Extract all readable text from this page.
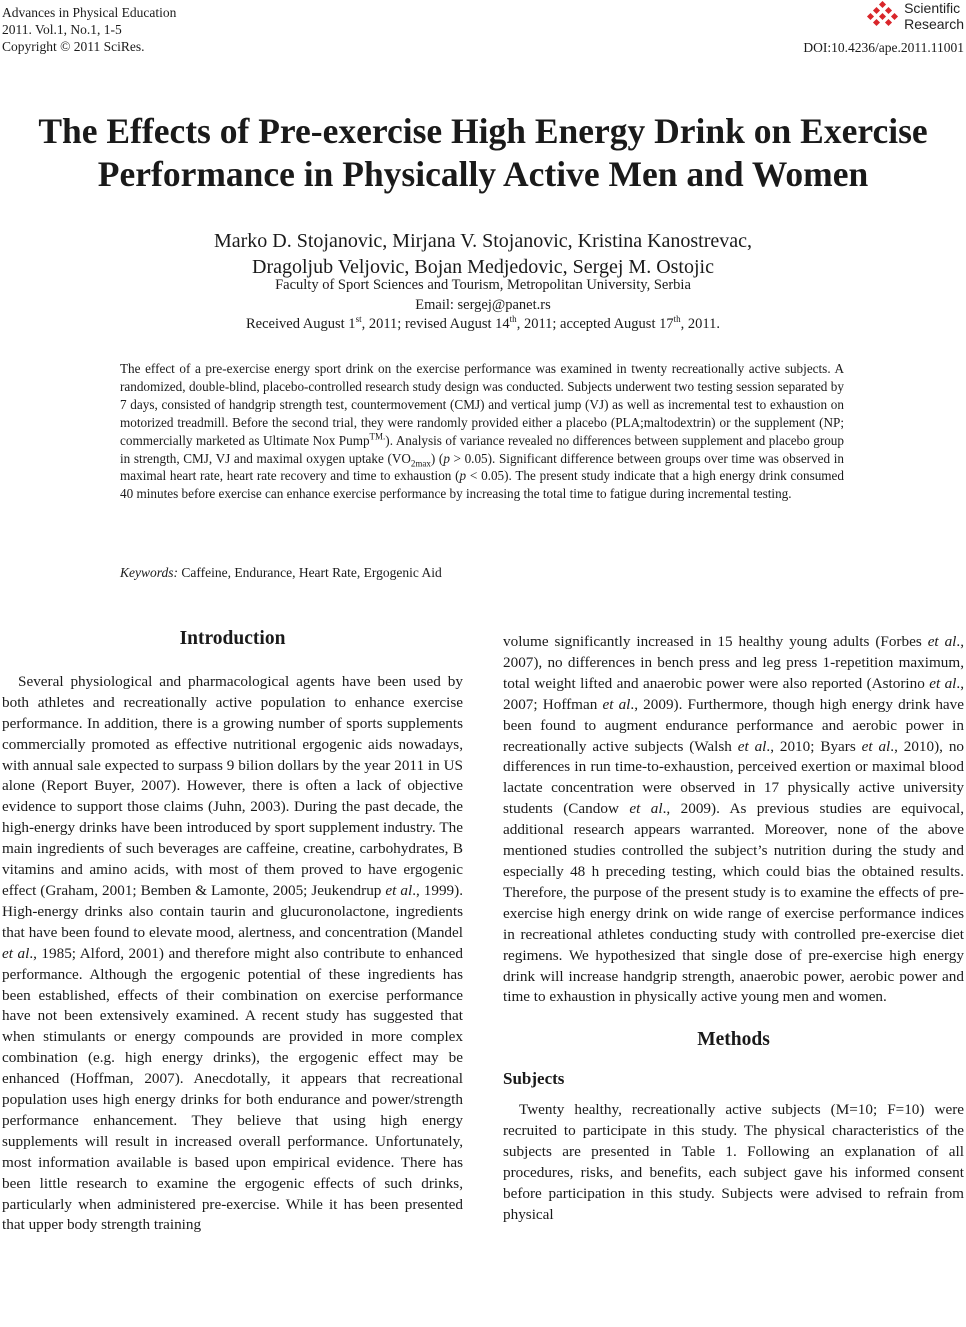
Advances in Physical Education
2011. Vol.1, No.1, 1-5
Copyright © 2011 SciRes.
Scientific
Research
DOI:10.4236/ape.2011.11001
The Effects of Pre-exercise High Energy Drink on Exercise
Performance in Physically Active Men and Women
Marko D. Stojanovic, Mirjana V. Stojanovic, Kristina Kanostrevac,
Dragoljub Veljovic, Bojan Medjedovic, Sergej M. Ostojic
Faculty of Sport Sciences and Tourism, Metropolitan University, Serbia
Email: sergej@panet.rs
Received August 1st, 2011; revised August 14th, 2011; accepted August 17th, 2011.
The effect of a pre-exercise energy sport drink on the exercise performance was examined in twenty recreationally active subjects. A randomized, double-blind, placebo-controlled research study design was conducted. Subjects underwent two testing session separated by 7 days, consisted of handgrip strength test, countermovement (CMJ) and vertical jump (VJ) as well as incremental test to exhaustion on motorized treadmill. Before the second trial, they were randomly provided either a placebo (PLA;maltodextrin) or the supplement (NP; commercially marketed as Ultimate Nox Pump$^{TM.}$). Analysis of variance revealed no differences between supplement and placebo group in strength, CMJ, VJ and maximal oxygen uptake $(VO_{2max}) (p > 0.05)$. Significant difference between groups over time was observed in maximal heart rate, heart rate recovery and time to exhaustion (p < 0.05). The present study indicate that a high energy drink consumed 40 minutes before exercise can enhance exercise performance by increasing the total time to fatigue during incremental testing.
Keywords: Caffeine, Endurance, Heart Rate, Ergogenic Aid
Introduction

Several physiological and pharmacological agents have been used by both athletes and recreationally active population to enhance exercise performance. In addition, there is a growing number of sports supplements commercially promoted as effective nutritional ergogenic aids nowadays, with annual sale expected to surpass 9 bilion dollars by the year 2011 in US alone (Report Buyer, 2007). However, there is often a lack of objective evidence to support those claims (Juhn, 2003). During the past decade, the high-energy drinks have been introduced by sport supplement industry. The main ingredients of such beverages are caffeine, creatine, carbohydrates, B vitamins and amino acids, with most of them proved to have ergogenic effect (Graham, 2001; Bemben & Lamonte, 2005; Jeukendrup et al., 1999). High-energy drinks also contain taurin and glucuronolactone, ingredients that have been found to elevate mood, alertness, and concentration (Mandel et al., 1985; Alford, 2001) and therefore might also contribute to enhanced performance. Although the ergogenic potential of these ingredients has been established, effects of their combination on exercise performance have not been extensively examined. A recent study has suggested that when stimulants or energy compounds are provided in more complex combination (e.g. high energy drinks), the ergogenic effect may be enhanced (Hoffman, 2007). Anecdotally, it appears that recreational population uses high energy drinks for both endurance and power/strength performance enhancement. They believe that using high energy supplements will result in increased overall performance. Unfortunately, most information available is based upon empirical evidence. There has been little research to examine the ergogenic effects of such drinks, particularly when administered pre-exercise. While it has been presented that upper body strength training

volume significantly increased in 15 healthy young adults (Forbes et al., 2007), no differences in bench press and leg press 1-repetition maximum, total weight lifted and anaerobic power were also reported (Astorino et al., 2007; Hoffman et al., 2009). Furthermore, though high energy drink have been found to augment endurance performance and aerobic power in recreationally active subjects (Walsh et al., 2010; Byars et al., 2010), no differences in run time-to-exhaustion, perceived exertion or maximal blood lactate concentration were observed in 17 physically active university students (Candow et al., 2009). As previous studies are equivocal, additional research appears warranted. Moreover, none of the above mentioned studies controlled the subject’s nutrition during the study and especially 48 h preceding testing, which could bias the obtained results. Therefore, the purpose of the present study is to examine the effects of pre-exercise high energy drink on wide range of exercise performance indices in recreational athletes conducting study with controlled pre-exercise diet regimens. We hypothesized that single dose of pre-exercise high energy drink will increase handgrip strength, anaerobic power, aerobic power and time to exhaustion in physically active young men and women.

Methods
Subjects

Twenty healthy, recreationally active subjects (M=10; F=10) were recruited to participate in this study. The physical characteristics of the subjects are presented in Table 1. Following an explanation of all procedures, risks, and benefits, each subject gave his informed consent before participation in this study. Subjects were advised to refrain from physical
